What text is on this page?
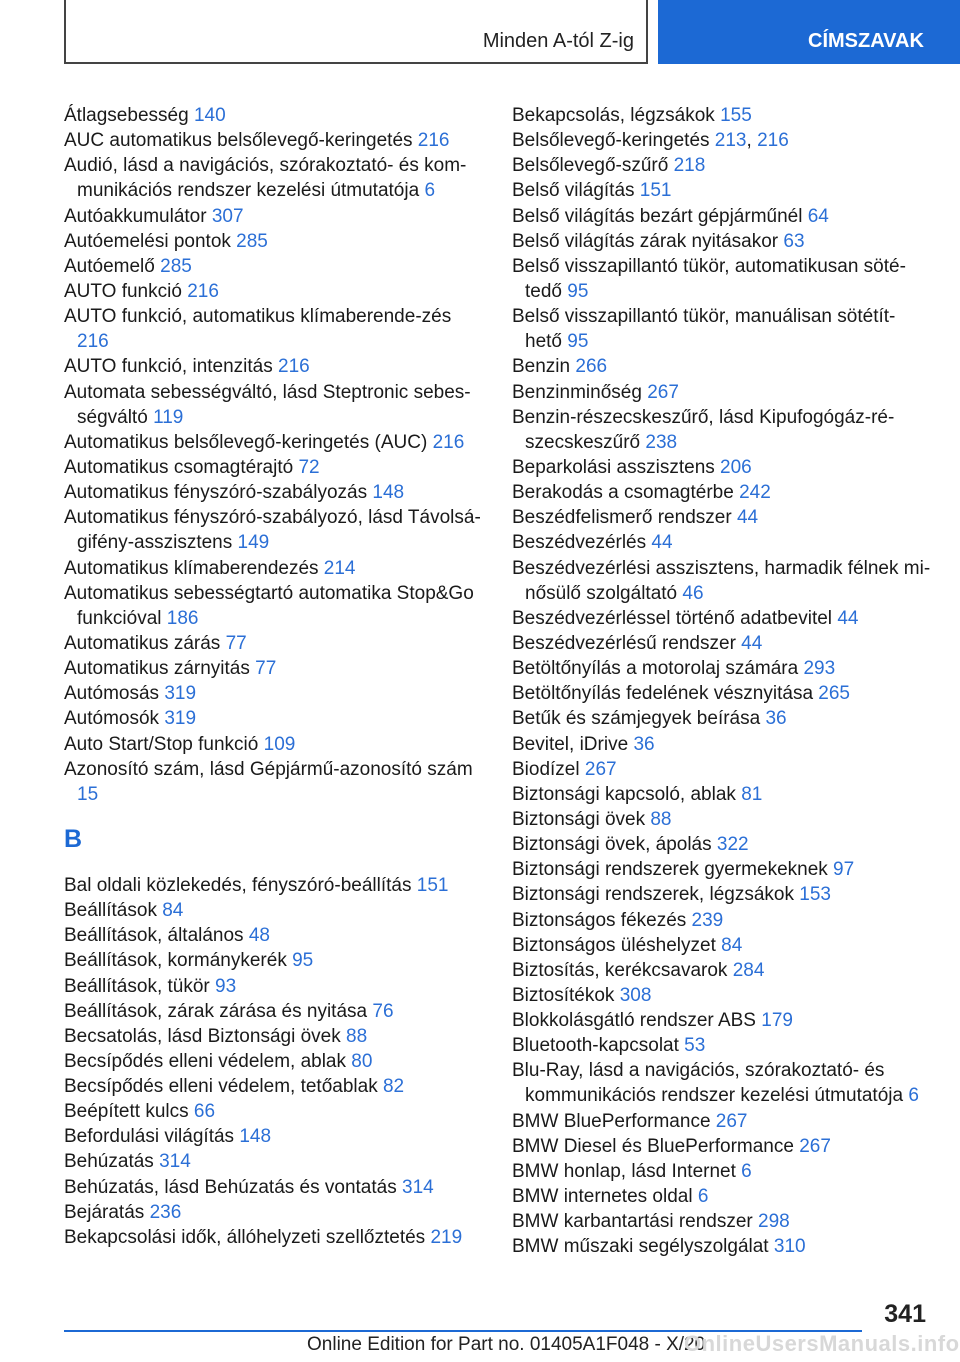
Minden A-tól Z-ig	CÍMSZAVAK
Átlagsebesség 140
AUC automatikus belsőlevegő-keringetés 216
Audió, lásd a navigációs, szórakoztató- és kom‐munikációs rendszer kezelési útmutatója 6
Autóakkumulátor 307
Autóemelési pontok 285
Autóemelő 285
AUTO funkció 216
AUTO funkció, automatikus klímaberende‐zés 216
AUTO funkció, intenzitás 216
Automata sebességváltó, lásd Steptronic sebes‐ségváltó 119
Automatikus belsőlevegő-keringetés (AUC) 216
Automatikus csomagtérajtó 72
Automatikus fényszóró-szabályozás 148
Automatikus fényszóró-szabályozó, lásd Távolsá‐gifény-asszisztens 149
Automatikus klímaberendezés 214
Automatikus sebességtartó automatika Stop&Go funkcióval 186
Automatikus zárás 77
Automatikus zárnyitás 77
Autómosás 319
Autómosók 319
Auto Start/Stop funkció 109
Azonosító szám, lásd Gépjármű-azonosító szám 15
B
Bal oldali közlekedés, fényszóró-beállítás 151
Beállítások 84
Beállítások, általános 48
Beállítások, kormánykerék 95
Beállítások, tükör 93
Beállítások, zárak zárása és nyitása 76
Becsatolás, lásd Biztonsági övek 88
Becsípődés elleni védelem, ablak 80
Becsípődés elleni védelem, tetőablak 82
Beépített kulcs 66
Befordulási világítás 148
Behúzatás 314
Behúzatás, lásd Behúzatás és vontatás 314
Bejáratás 236
Bekapcsolási idők, állóhelyzeti szellőztetés 219
Bekapcsolás, légzsákok 155
Belsőlevegő-keringetés 213, 216
Belsőlevegő-szűrő 218
Belső világítás 151
Belső világítás bezárt gépjárműnél 64
Belső világítás zárak nyitásakor 63
Belső visszapillantó tükör, automatikusan söté‐tedő 95
Belső visszapillantó tükör, manuálisan sötétít‐hető 95
Benzin 266
Benzinminőség 267
Benzin-részecskeszűrő, lásd Kipufogógáz-ré‐szecskeszűrő 238
Beparkolási asszisztens 206
Berakodás a csomagtérbe 242
Beszédfelismerő rendszer 44
Beszédvezérlés 44
Beszédvezérlési asszisztens, harmadik félnek mi‐nősülő szolgáltató 46
Beszédvezérléssel történő adatbevitel 44
Beszédvezérlésű rendszer 44
Betöltőnyílás a motorolaj számára 293
Betöltőnyílás fedelének vésznyitása 265
Betűk és számjegyek beírása 36
Bevitel, iDrive 36
Biodízel 267
Biztonsági kapcsoló, ablak 81
Biztonsági övek 88
Biztonsági övek, ápolás 322
Biztonsági rendszerek gyermekeknek 97
Biztonsági rendszerek, légzsákok 153
Biztonságos fékezés 239
Biztonságos üléshelyzet 84
Biztosítás, kerékcsavarok 284
Biztosítékok 308
Blokkolásgátló rendszer ABS 179
Bluetooth-kapcsolat 53
Blu-Ray, lásd a navigációs, szórakoztató- és kommunikációs rendszer kezelési útmutatója 6
BMW BluePerformance 267
BMW Diesel és BluePerformance 267
BMW honlap, lásd Internet 6
BMW internetes oldal 6
BMW karbantartási rendszer 298
BMW műszaki segélyszolgálat 310
341
Online Edition for Part no. 01405A1F048 - X/20
OnlineUsersManuals.info
